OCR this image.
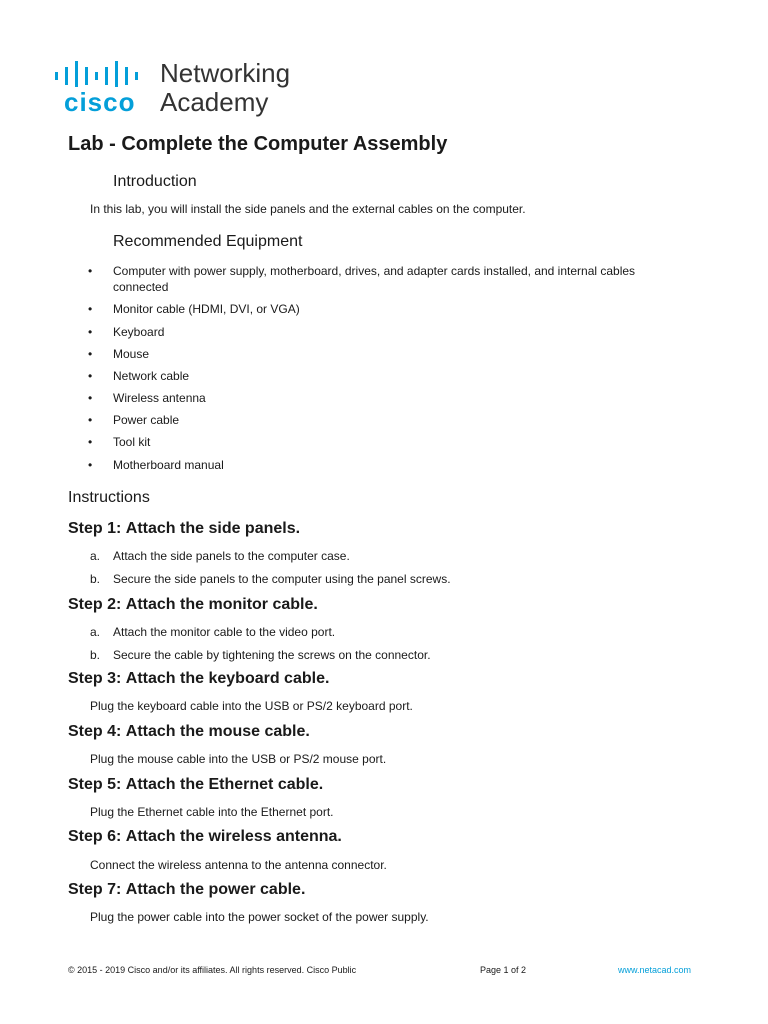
cisco
Networking
Academy
Lab - Complete the Computer Assembly
Introduction

In this lab, you will install the side panels and the external cables on the computer.

Recommended Equipment
• Computer with power supply, motherboard, drives, and adapter cards installed, and internal cables connected
• Monitor cable (HDMI, DVI, or VGA)
• Keyboard
• Mouse
• Network cable
• Wireless antenna
• Power cable
• Tool kit
• Motherboard manual
Instructions
Step 1: Attach the side panels.
a. Attach the side panels to the computer case.
b. Secure the side panels to the computer using the panel screws.
Step 2: Attach the monitor cable.
a. Attach the monitor cable to the video port.
b. Secure the cable by tightening the screws on the connector.
Step 3: Attach the keyboard cable.

Plug the keyboard cable into the USB or PS/2 keyboard port.

Step 4: Attach the mouse cable.

Plug the mouse cable into the USB or PS/2 mouse port.

Step 5: Attach the Ethernet cable.

Plug the Ethernet cable into the Ethernet port.

Step 6: Attach the wireless antenna.

Connect the wireless antenna to the antenna connector.

Step 7: Attach the power cable.

Plug the power cable into the power socket of the power supply.

© 2015 - 2019 Cisco and/or its affiliates. All rights reserved. Cisco Public	Page 1 of 2	www.netacad.com
